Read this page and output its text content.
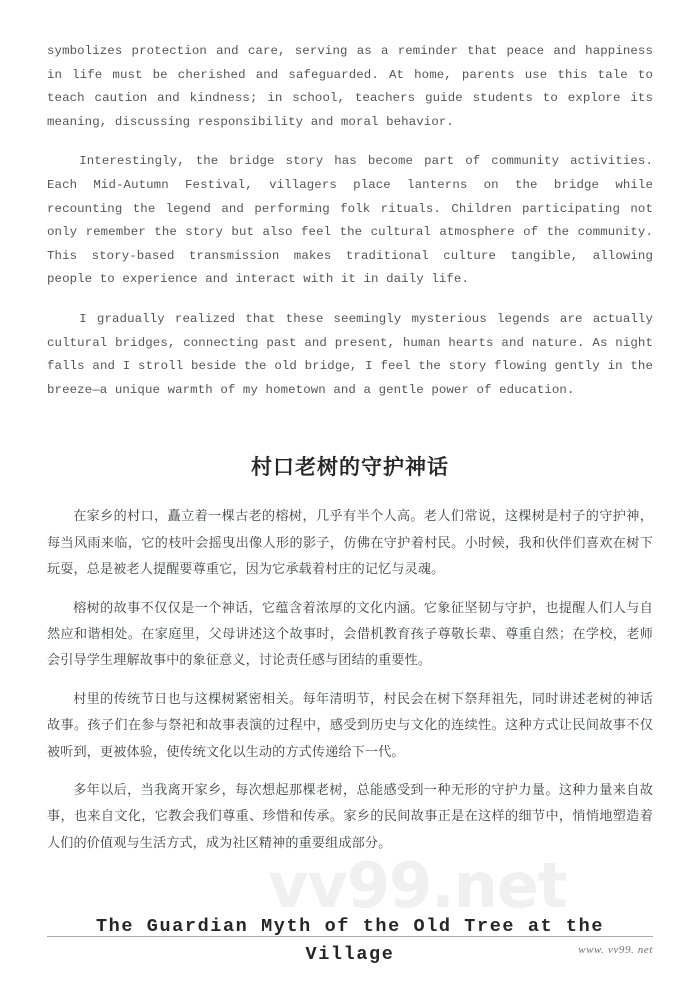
vv99.net

symbolizes protection and care, serving as a reminder that peace and happiness in life must be cherished and safeguarded. At home, parents use this tale to teach caution and kindness; in school, teachers guide students to explore its meaning, discussing responsibility and moral behavior.

Interestingly, the bridge story has become part of community activities. Each Mid-Autumn Festival, villagers place lanterns on the bridge while recounting the legend and performing folk rituals. Children participating not only remember the story but also feel the cultural atmosphere of the community. This story-based transmission makes traditional culture tangible, allowing people to experience and interact with it in daily life.

I gradually realized that these seemingly mysterious legends are actually cultural bridges, connecting past and present, human hearts and nature. As night falls and I stroll beside the old bridge, I feel the story flowing gently in the breeze—a unique warmth of my hometown and a gentle power of education.

村口老树的守护神话

在家乡的村口，矗立着一棵古老的榕树，几乎有半个人高。老人们常说，这棵树是村子的守护神，每当风雨来临，它的枝叶会摇曳出像人形的影子，仿佛在守护着村民。小时候，我和伙伴们喜欢在树下玩耍，总是被老人提醒要尊重它，因为它承载着村庄的记忆与灵魂。

榕树的故事不仅仅是一个神话，它蕴含着浓厚的文化内涵。它象征坚韧与守护，也提醒人们人与自然应和谐相处。在家庭里，父母讲述这个故事时，会借机教育孩子尊敬长辈、尊重自然；在学校，老师会引导学生理解故事中的象征意义，讨论责任感与团结的重要性。

村里的传统节日也与这棵树紧密相关。每年清明节，村民会在树下祭拜祖先，同时讲述老树的神话故事。孩子们在参与祭祀和故事表演的过程中，感受到历史与文化的连续性。这种方式让民间故事不仅被听到，更被体验，使传统文化以生动的方式传递给下一代。

多年以后，当我离开家乡，每次想起那棵老树，总能感受到一种无形的守护力量。这种力量来自故事，也来自文化，它教会我们尊重、珍惜和传承。家乡的民间故事正是在这样的细节中，悄悄地塑造着人们的价值观与生活方式，成为社区精神的重要组成部分。

The Guardian Myth of the Old Tree at the Village	www. vv99. net
